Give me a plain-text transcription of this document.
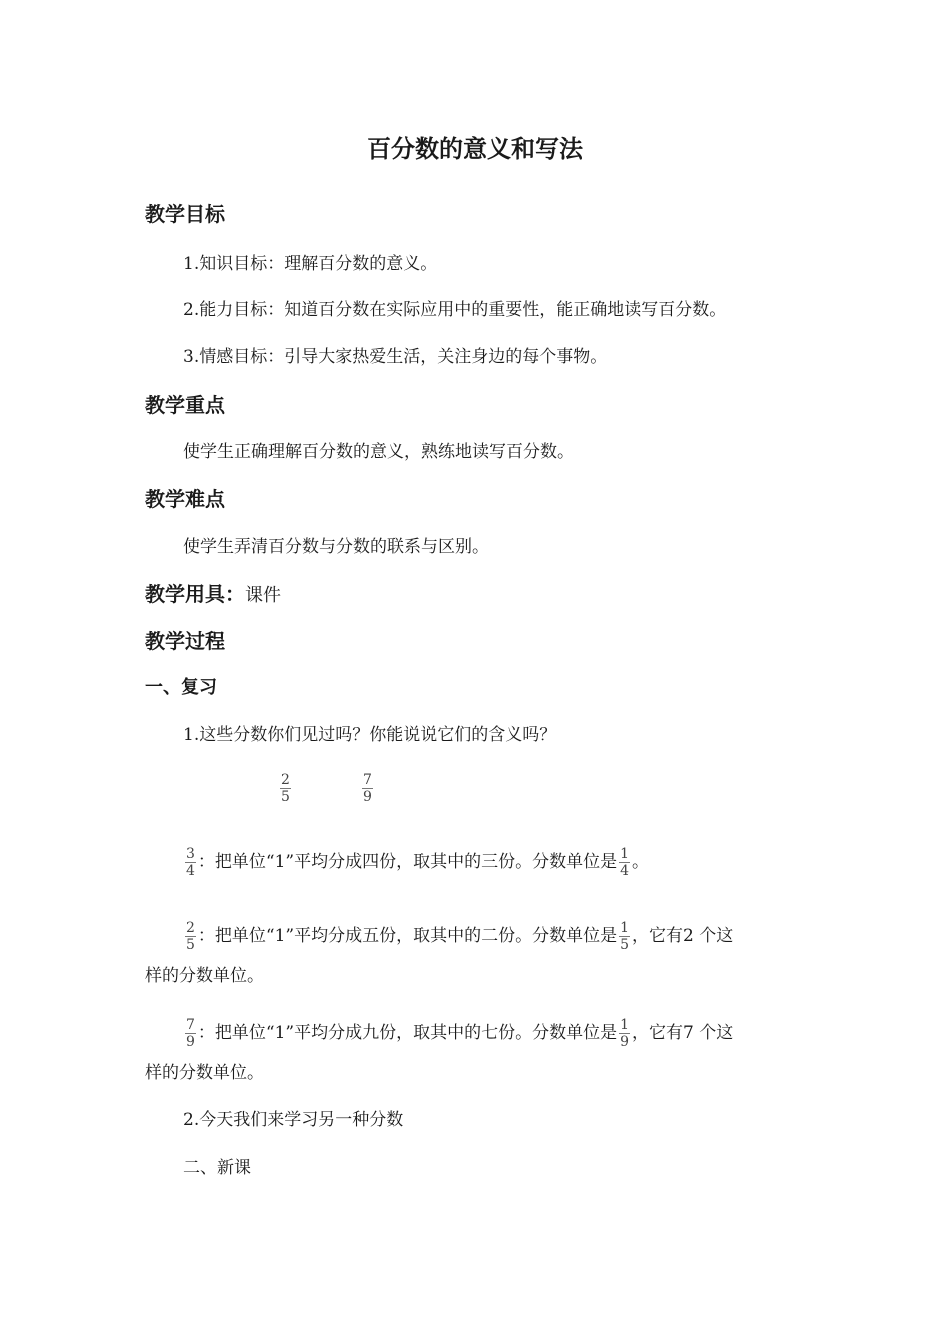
百分数的意义和写法
教学目标
1.知识目标：理解百分数的意义。
2.能力目标：知道百分数在实际应用中的重要性，能正确地读写百分数。
3.情感目标：引导大家热爱生活，关注身边的每个事物。
教学重点
使学生正确理解百分数的意义，熟练地读写百分数。
教学难点
使学生弄清百分数与分数的联系与区别。
教学用具：课件
教学过程
一、复习
1.这些分数你们见过吗？你能说说它们的含义吗？
$\frac{2}{5}$	$\frac{7}{9}$
$\frac{3}{4}$ ：把单位“1”平均分成四份，取其中的三份。分数单位是 $\frac{1}{4}$ 。
$\frac{2}{5}$ ：把单位“1”平均分成五份，取其中的二份。分数单位是 $\frac{1}{5}$ ，它有2 个这
样的分数单位。
$\frac{7}{9}$ ：把单位“1”平均分成九份，取其中的七份。分数单位是 $\frac{1}{9}$ ，它有7 个这
样的分数单位。
2.今天我们来学习另一种分数
二、新课
